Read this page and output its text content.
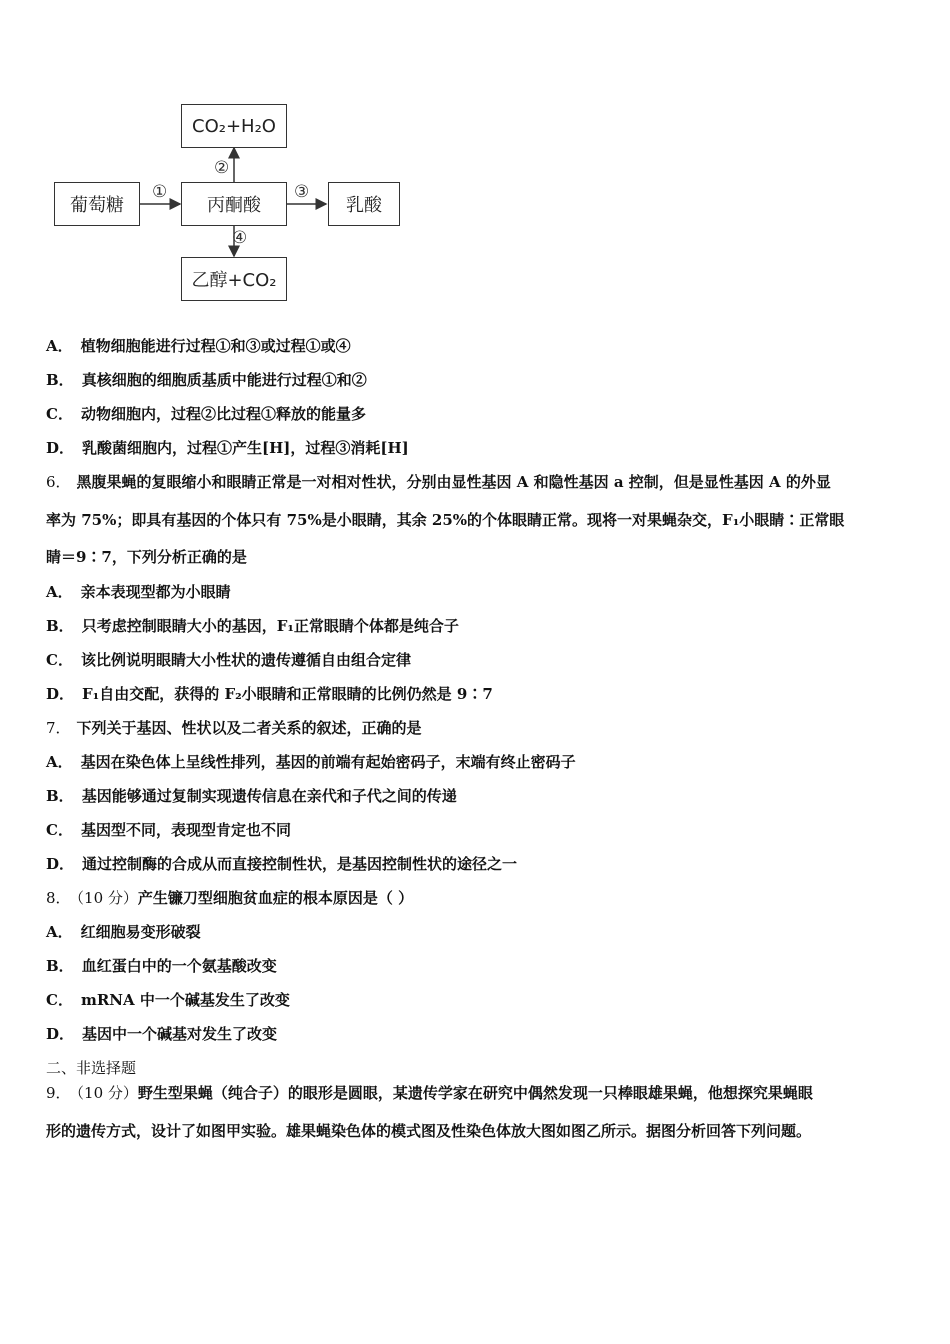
葡萄糖	丙酮酸	乳酸
CO₂+H₂O
乙醇+CO₂
①
②
③
④
A． 植物细胞能进行过程①和③或过程①或④
B． 真核细胞的细胞质基质中能进行过程①和②
C． 动物细胞内，过程②比过程①释放的能量多
D． 乳酸菌细胞内，过程①产生[H]，过程③消耗[H]
6． 黑腹果蝇的复眼缩小和眼睛正常是一对相对性状，分别由显性基因 A 和隐性基因 a 控制，但是显性基因 A 的外显
率为 75%；即具有基因的个体只有 75%是小眼睛，其余 25%的个体眼睛正常。现将一对果蝇杂交，F₁小眼睛∶正常眼
睛＝9∶7，下列分析正确的是
A． 亲本表现型都为小眼睛
B． 只考虑控制眼睛大小的基因，F₁正常眼睛个体都是纯合子
C． 该比例说明眼睛大小性状的遗传遵循自由组合定律
D． F₁自由交配，获得的 F₂小眼睛和正常眼睛的比例仍然是 9∶7
7． 下列关于基因、性状以及二者关系的叙述，正确的是
A． 基因在染色体上呈线性排列，基因的前端有起始密码子，末端有终止密码子
B． 基因能够通过复制实现遗传信息在亲代和子代之间的传递
C． 基因型不同，表现型肯定也不同
D． 通过控制酶的合成从而直接控制性状，是基因控制性状的途径之一
8． （10 分）产生镰刀型细胞贫血症的根本原因是（ ）
A． 红细胞易变形破裂
B． 血红蛋白中的一个氨基酸改变
C． mRNA 中一个碱基发生了改变
D． 基因中一个碱基对发生了改变
二、非选择题
9． （10 分）野生型果蝇（纯合子）的眼形是圆眼，某遗传学家在研究中偶然发现一只棒眼雄果蝇，他想探究果蝇眼
形的遗传方式，设计了如图甲实验。雄果蝇染色体的模式图及性染色体放大图如图乙所示。据图分析回答下列问题。
